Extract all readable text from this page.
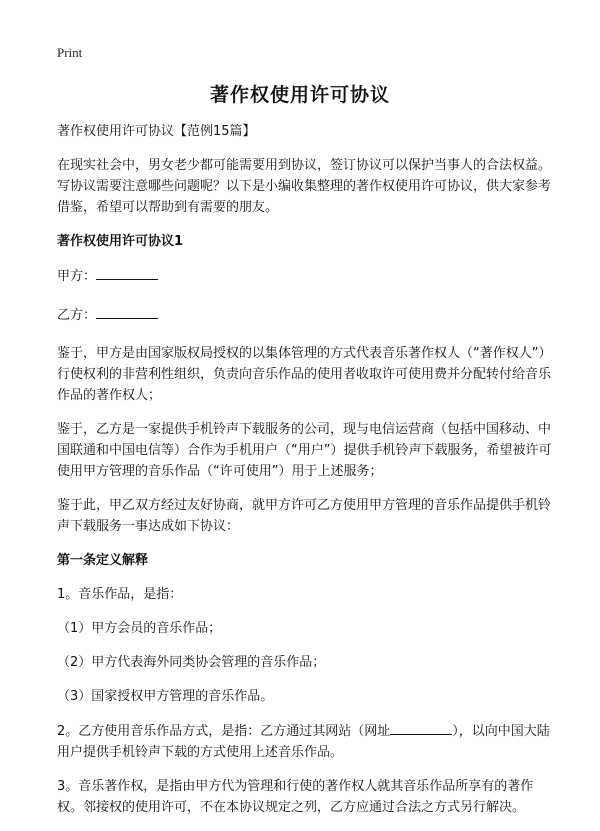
Print
著作权使用许可协议

著作权使用许可协议【范例15篇】

在现实社会中，男女老少都可能需要用到协议，签订协议可以保护当事人的合法权益。写协议需要注意哪些问题呢？以下是小编收集整理的著作权使用许可协议，供大家参考借鉴，希望可以帮助到有需要的朋友。

著作权使用许可协议1

甲方：

乙方：

鉴于，甲方是由国家版权局授权的以集体管理的方式代表音乐著作权人（“著作权人”）行使权利的非营利性组织，负责向音乐作品的使用者收取许可使用费并分配转付给音乐作品的著作权人；

鉴于，乙方是一家提供手机铃声下载服务的公司，现与电信运营商（包括中国移动、中国联通和中国电信等）合作为手机用户（“用户”）提供手机铃声下载服务，希望被许可使用甲方管理的音乐作品（“许可使用”）用于上述服务；

鉴于此，甲乙双方经过友好协商，就甲方许可乙方使用甲方管理的音乐作品提供手机铃声下载服务一事达成如下协议：

第一条定义解释

1。音乐作品，是指：

（1）甲方会员的音乐作品；

（2）甲方代表海外同类协会管理的音乐作品；

（3）国家授权甲方管理的音乐作品。

2。乙方使用音乐作品方式，是指：乙方通过其网站（网址	），以向中国大陆用户提供手机铃声下载的方式使用上述音乐作品。

3。音乐著作权，是指由甲方代为管理和行使的著作权人就其音乐作品所享有的著作权。邻接权的使用许可，不在本协议规定之列，乙方应通过合法之方式另行解决。
